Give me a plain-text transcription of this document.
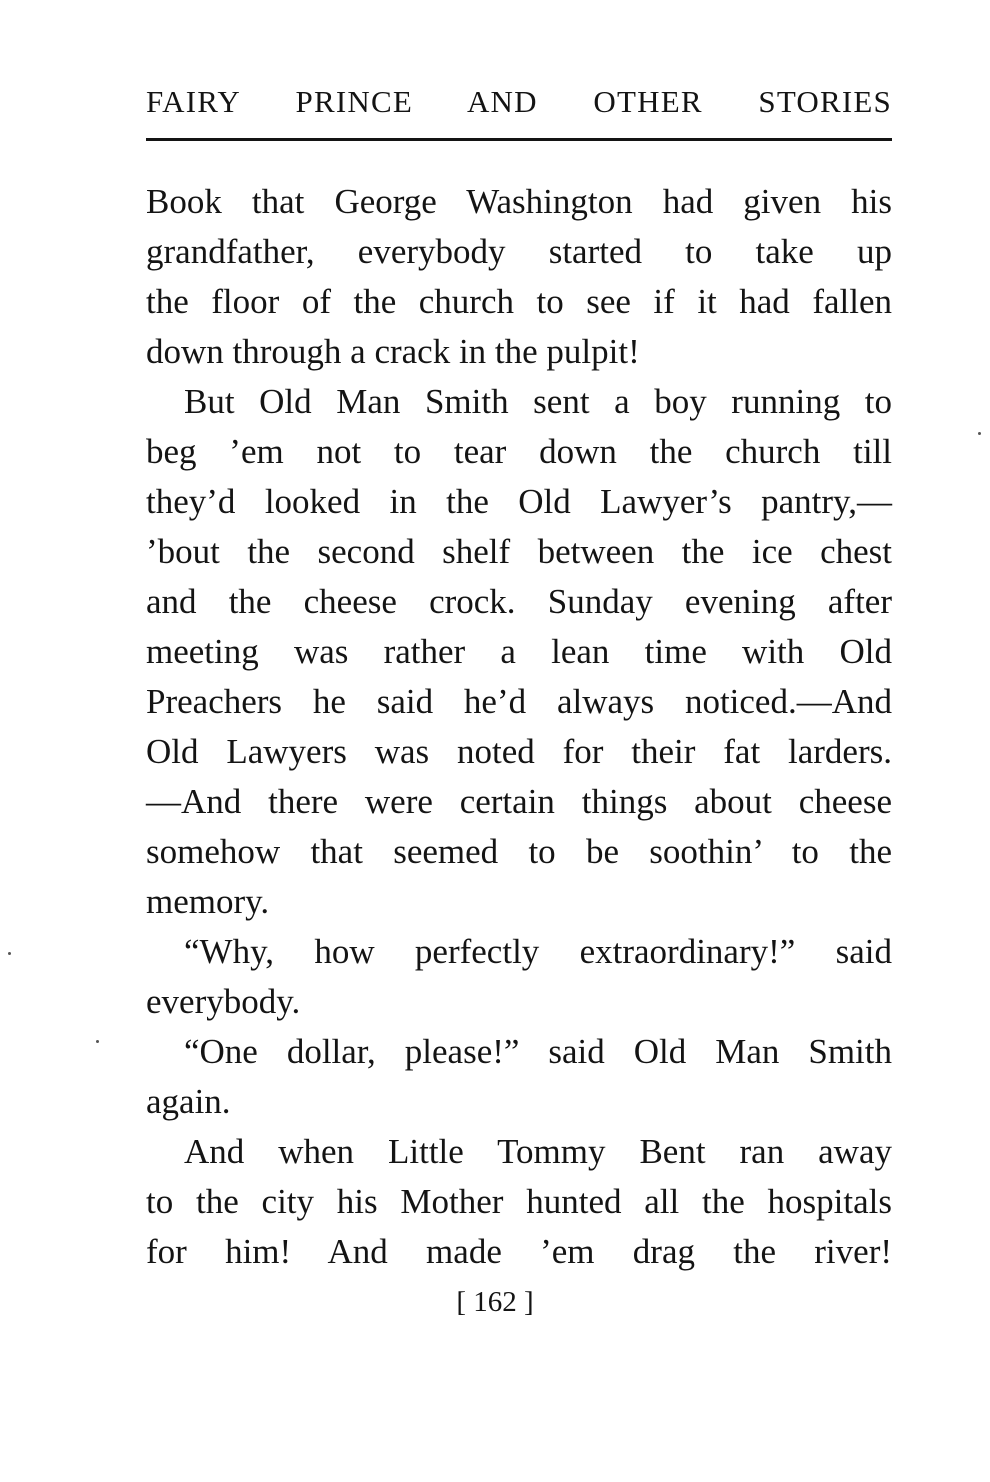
FAIRY PRINCE AND OTHER STORIES
Book that George Washington had given his
grandfather, everybody started to take up
the floor of the church to see if it had fallen
down through a crack in the pulpit!
But Old Man Smith sent a boy running to
beg ’em not to tear down the church till
they’d looked in the Old Lawyer’s pantry,—
’bout the second shelf between the ice chest
and the cheese crock. Sunday evening after
meeting was rather a lean time with Old
Preachers he said he’d always noticed.—And
Old Lawyers was noted for their fat larders.
—And there were certain things about cheese
somehow that seemed to be soothin’ to the
memory.
“Why, how perfectly extraordinary!” said
everybody.
“One dollar, please!” said Old Man Smith
again.
And when Little Tommy Bent ran away
to the city his Mother hunted all the hospitals
for him! And made ’em drag the river!
[ 162 ]
